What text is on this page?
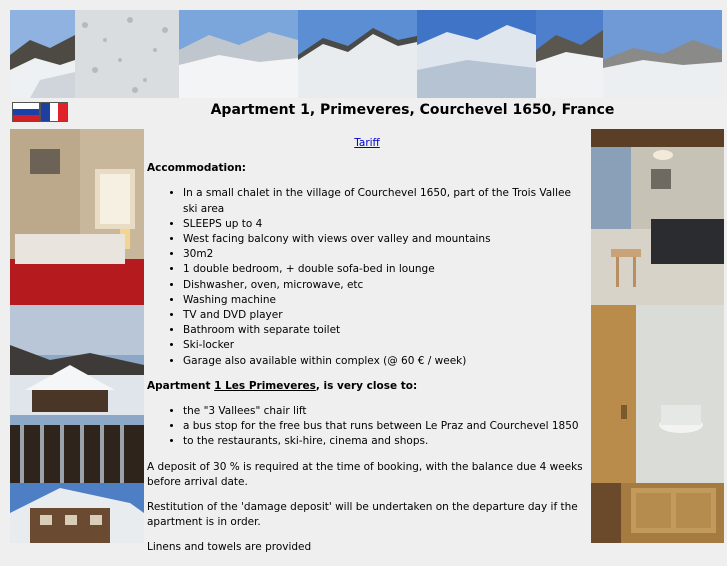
Apartment 1, Primeveres, Courchevel 1650, France
Tariff

Accommodation:

• In a small chalet in the village of Courchevel 1650, part of the Trois Vallee ski area
• SLEEPS up to 4
• West facing balcony with views over valley and mountains
• 30m2
• 1 double bedroom, + double sofa-bed in lounge
• Dishwasher, oven, microwave, etc
• Washing machine
• TV and DVD player
• Bathroom with separate toilet
• Ski-locker
• Garage also available within complex (@ 60 € / week)

Apartment 1 Les Primeveres, is very close to:

• the "3 Vallees" chair lift
• a bus stop for the free bus that runs between Le Praz and Courchevel 1850
• to the restaurants, ski-hire, cinema and shops.

A deposit of 30 % is required at the time of booking, with the balance due 4 weeks before arrival date.

Restitution of the 'damage deposit' will be undertaken on the departure day if the apartment is in order.

Linens and towels are provided
